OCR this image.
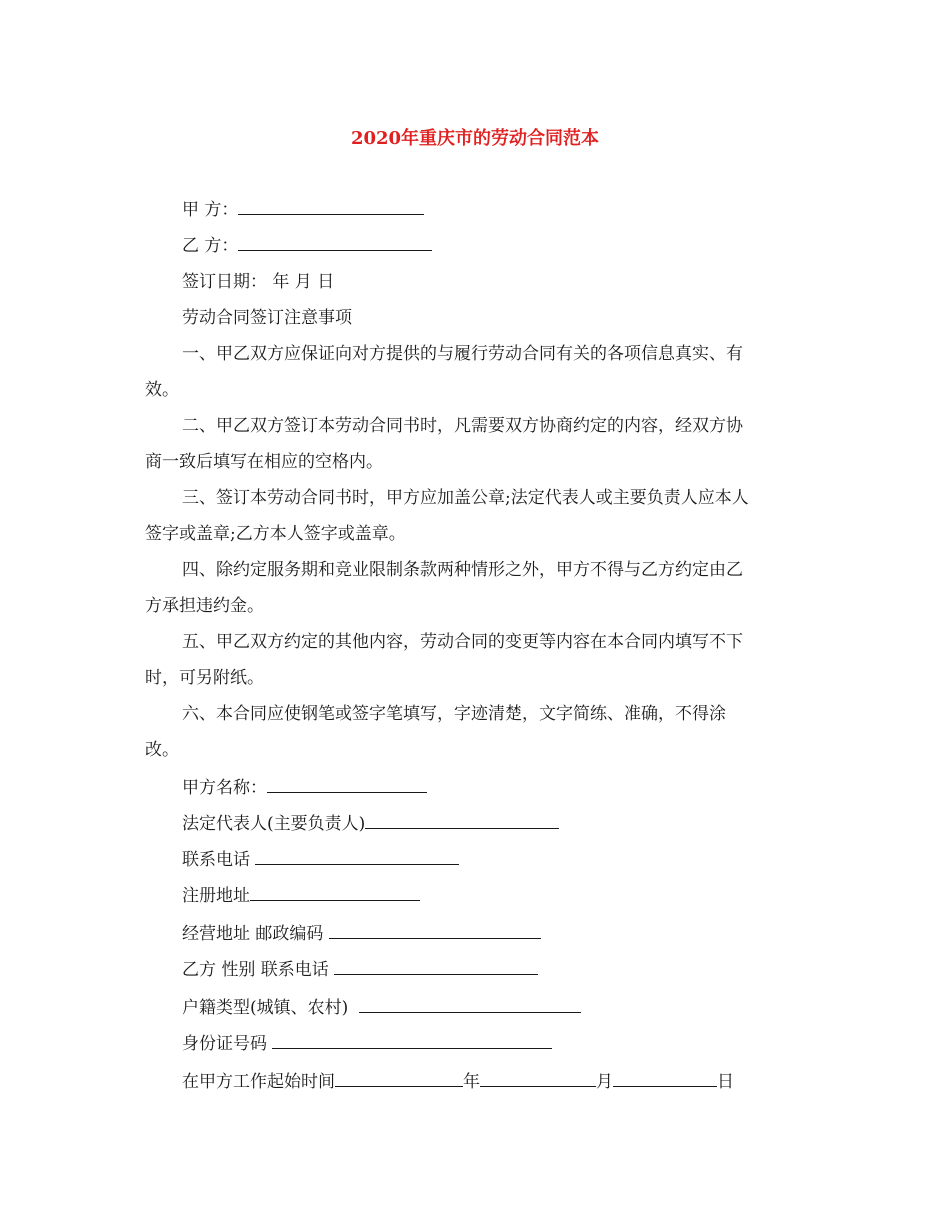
2020年重庆市的劳动合同范本
甲 方：
乙 方：
签订日期： 年 月 日
劳动合同签订注意事项
一、甲乙双方应保证向对方提供的与履行劳动合同有关的各项信息真实、有
效。
二、甲乙双方签订本劳动合同书时，凡需要双方协商约定的内容，经双方协
商一致后填写在相应的空格内。
三、签订本劳动合同书时，甲方应加盖公章;法定代表人或主要负责人应本人
签字或盖章;乙方本人签字或盖章。
四、除约定服务期和竞业限制条款两种情形之外，甲方不得与乙方约定由乙
方承担违约金。
五、甲乙双方约定的其他内容，劳动合同的变更等内容在本合同内填写不下
时，可另附纸。
六、本合同应使钢笔或签字笔填写，字迹清楚，文字简练、准确，不得涂
改。
甲方名称：
法定代表人(主要负责人)
联系电话
注册地址
经营地址 邮政编码
乙方 性别 联系电话
户籍类型(城镇、农村)
身份证号码
在甲方工作起始时间	年	月	日
